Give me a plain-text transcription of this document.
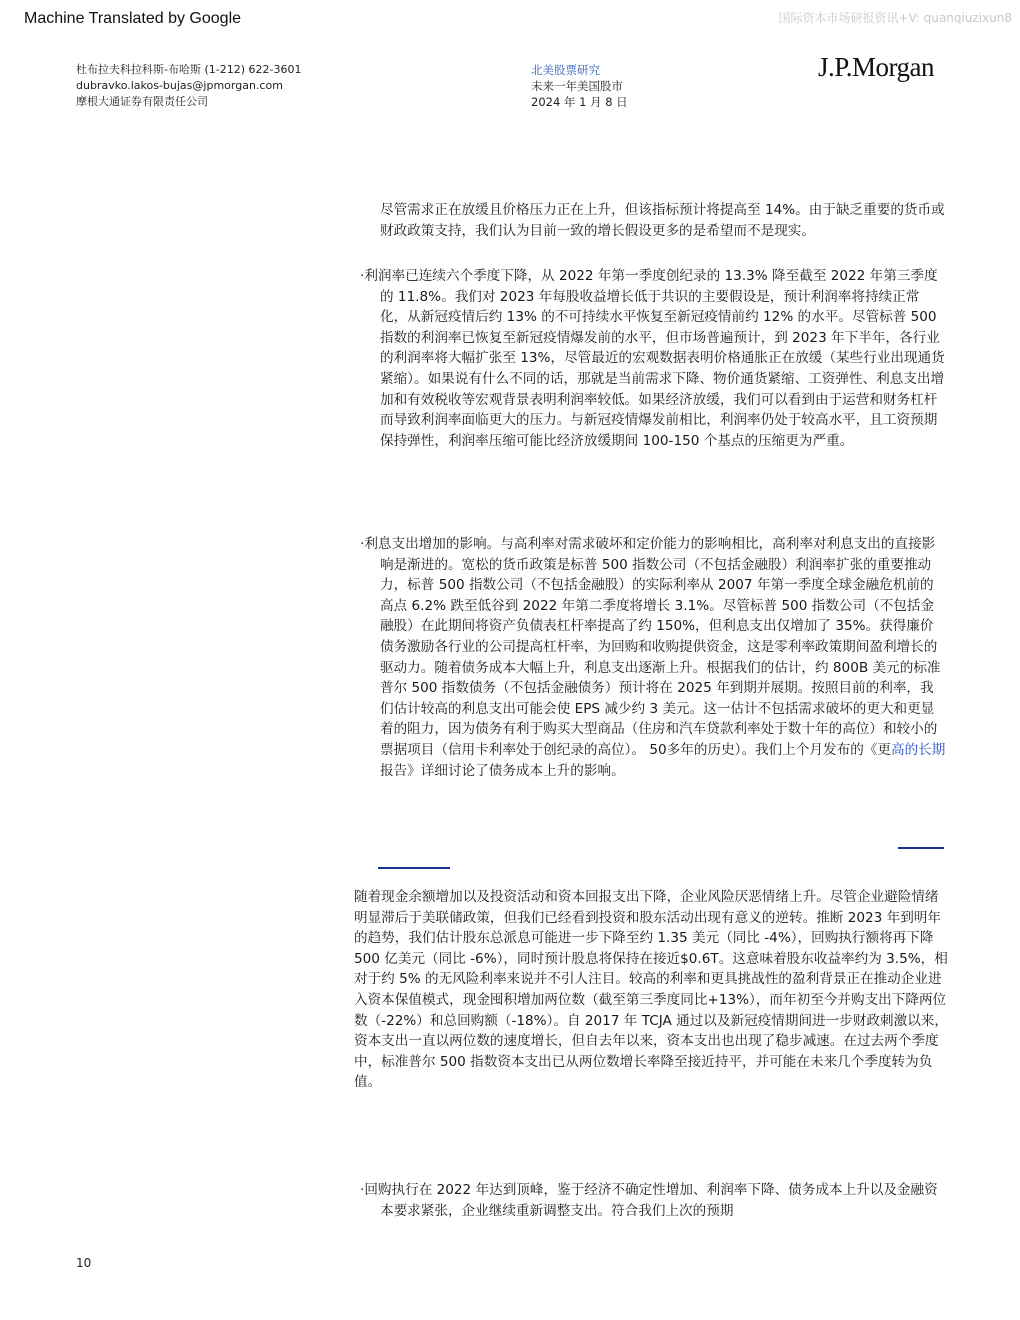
Machine Translated by Google	国际资本市场研报资讯+V: quanqiuzixun8
杜布拉夫科拉科斯-布哈斯 (1-212) 622-3601
dubravko.lakos-bujas@jpmorgan.com
摩根大通证券有限责任公司
北美股票研究
未来一年美国股市
2024 年 1 月 8 日
J.P.Morgan

尽管需求正在放缓且价格压力正在上升，但该指标预计将提高至 14%。由于缺乏重要的货币或财政政策支持，我们认为目前一致的增长假设更多的是希望而不是现实。

·利润率已连续六个季度下降，从 2022 年第一季度创纪录的 13.3% 降至截至 2022 年第三季度的 11.8%。我们对 2023 年每股收益增长低于共识的主要假设是，预计利润率将持续正常化，从新冠疫情后约 13% 的不可持续水平恢复至新冠疫情前约 12% 的水平。尽管标普 500 指数的利润率已恢复至新冠疫情爆发前的水平，但市场普遍预计，到 2023 年下半年，各行业的利润率将大幅扩张至 13%，尽管最近的宏观数据表明价格通胀正在放缓（某些行业出现通货紧缩）。如果说有什么不同的话，那就是当前需求下降、物价通货紧缩、工资弹性、利息支出增加和有效税收等宏观背景表明利润率较低。如果经济放缓，我们可以看到由于运营和财务杠杆而导致利润率面临更大的压力。与新冠疫情爆发前相比，利润率仍处于较高水平，且工资预期保持弹性，利润率压缩可能比经济放缓期间 100-150 个基点的压缩更为严重。

·利息支出增加的影响。与高利率对需求破坏和定价能力的影响相比，高利率对利息支出的直接影响是渐进的。宽松的货币政策是标普 500 指数公司（不包括金融股）利润率扩张的重要推动力，标普 500 指数公司（不包括金融股）的实际利率从 2007 年第一季度全球金融危机前的高点 6.2% 跌至低谷到 2022 年第二季度将增长 3.1%。尽管标普 500 指数公司（不包括金融股）在此期间将资产负债表杠杆率提高了约 150%，但利息支出仅增加了 35%。获得廉价债务激励各行业的公司提高杠杆率，为回购和收购提供资金，这是零利率政策期间盈利增长的驱动力。随着债务成本大幅上升，利息支出逐渐上升。根据我们的估计，约 800B 美元的标准普尔 500 指数债务（不包括金融债务）预计将在 2025 年到期并展期。按照目前的利率，我们估计较高的利息支出可能会使 EPS 减少约 3 美元。这一估计不包括需求破坏的更大和更显着的阻力，因为债务有利于购买大型商品（住房和汽车贷款利率处于数十年的高位）和较小的票据项目（信用卡利率处于创纪录的高位）。 50多年的历史）。我们上个月发布的《更高的长期报告》详细讨论了债务成本上升的影响。

随着现金余额增加以及投资活动和资本回报支出下降，企业风险厌恶情绪上升。尽管企业避险情绪明显滞后于美联储政策，但我们已经看到投资和股东活动出现有意义的逆转。推断 2023 年到明年的趋势，我们估计股东总派息可能进一步下降至约 1.35 美元（同比 -4%），回购执行额将再下降 500 亿美元（同比 -6%），同时预计股息将保持在接近$0.6T。这意味着股东收益率约为 3.5%，相对于约 5% 的无风险利率来说并不引人注目。较高的利率和更具挑战性的盈利背景正在推动企业进入资本保值模式，现金囤积增加两位数（截至第三季度同比+13%），而年初至今并购支出下降两位数（-22%）和总回购额（-18%）。自 2017 年 TCJA 通过以及新冠疫情期间进一步财政刺激以来，资本支出一直以两位数的速度增长，但自去年以来，资本支出也出现了稳步减速。在过去两个季度中，标准普尔 500 指数资本支出已从两位数增长率降至接近持平，并可能在未来几个季度转为负值。

·回购执行在 2022 年达到顶峰，鉴于经济不确定性增加、利润率下降、债务成本上升以及金融资本要求紧张，企业继续重新调整支出。符合我们上次的预期

10
